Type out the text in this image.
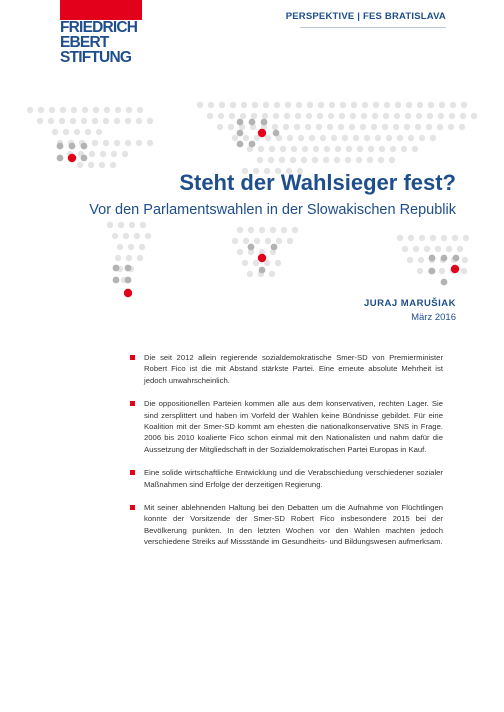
FRIEDRICH
EBERT
STIFTUNG
PERSPEKTIVE | FES BRATISLAVA
Steht der Wahlsieger fest?
Vor den Parlamentswahlen in der Slowakischen Republik
JURAJ MARUŠIAK
März 2016
Die seit 2012 allein regierende sozialdemokratische Smer-SD von Premierminister Robert Fico ist die mit Abstand stärkste Partei. Eine erneute absolute Mehrheit ist jedoch unwahrscheinlich.
Die oppositionellen Parteien kommen alle aus dem konservativen, rechten Lager. Sie sind zersplittert und haben im Vorfeld der Wahlen keine Bündnisse gebildet. Für eine Koalition mit der Smer-SD kommt am ehesten die nationalkonservative SNS in Frage. 2006 bis 2010 koalierte Fico schon einmal mit den Nationalisten und nahm dafür die Aussetzung der Mitgliedschaft in der Sozialdemokratischen Partei Europas in Kauf.
Eine solide wirtschaftliche Entwicklung und die Verabschiedung verschiedener sozialer Maßnahmen sind Erfolge der derzeitigen Regierung.
Mit seiner ablehnenden Haltung bei den Debatten um die Aufnahme von Flüchtlingen konnte der Vorsitzende der Smer-SD Robert Fico insbesondere 2015 bei der Bevölkerung punkten. In den letzten Wochen vor den Wahlen machten jedoch verschiedene Streiks auf Missstände im Gesundheits- und Bildungswesen aufmerksam.
